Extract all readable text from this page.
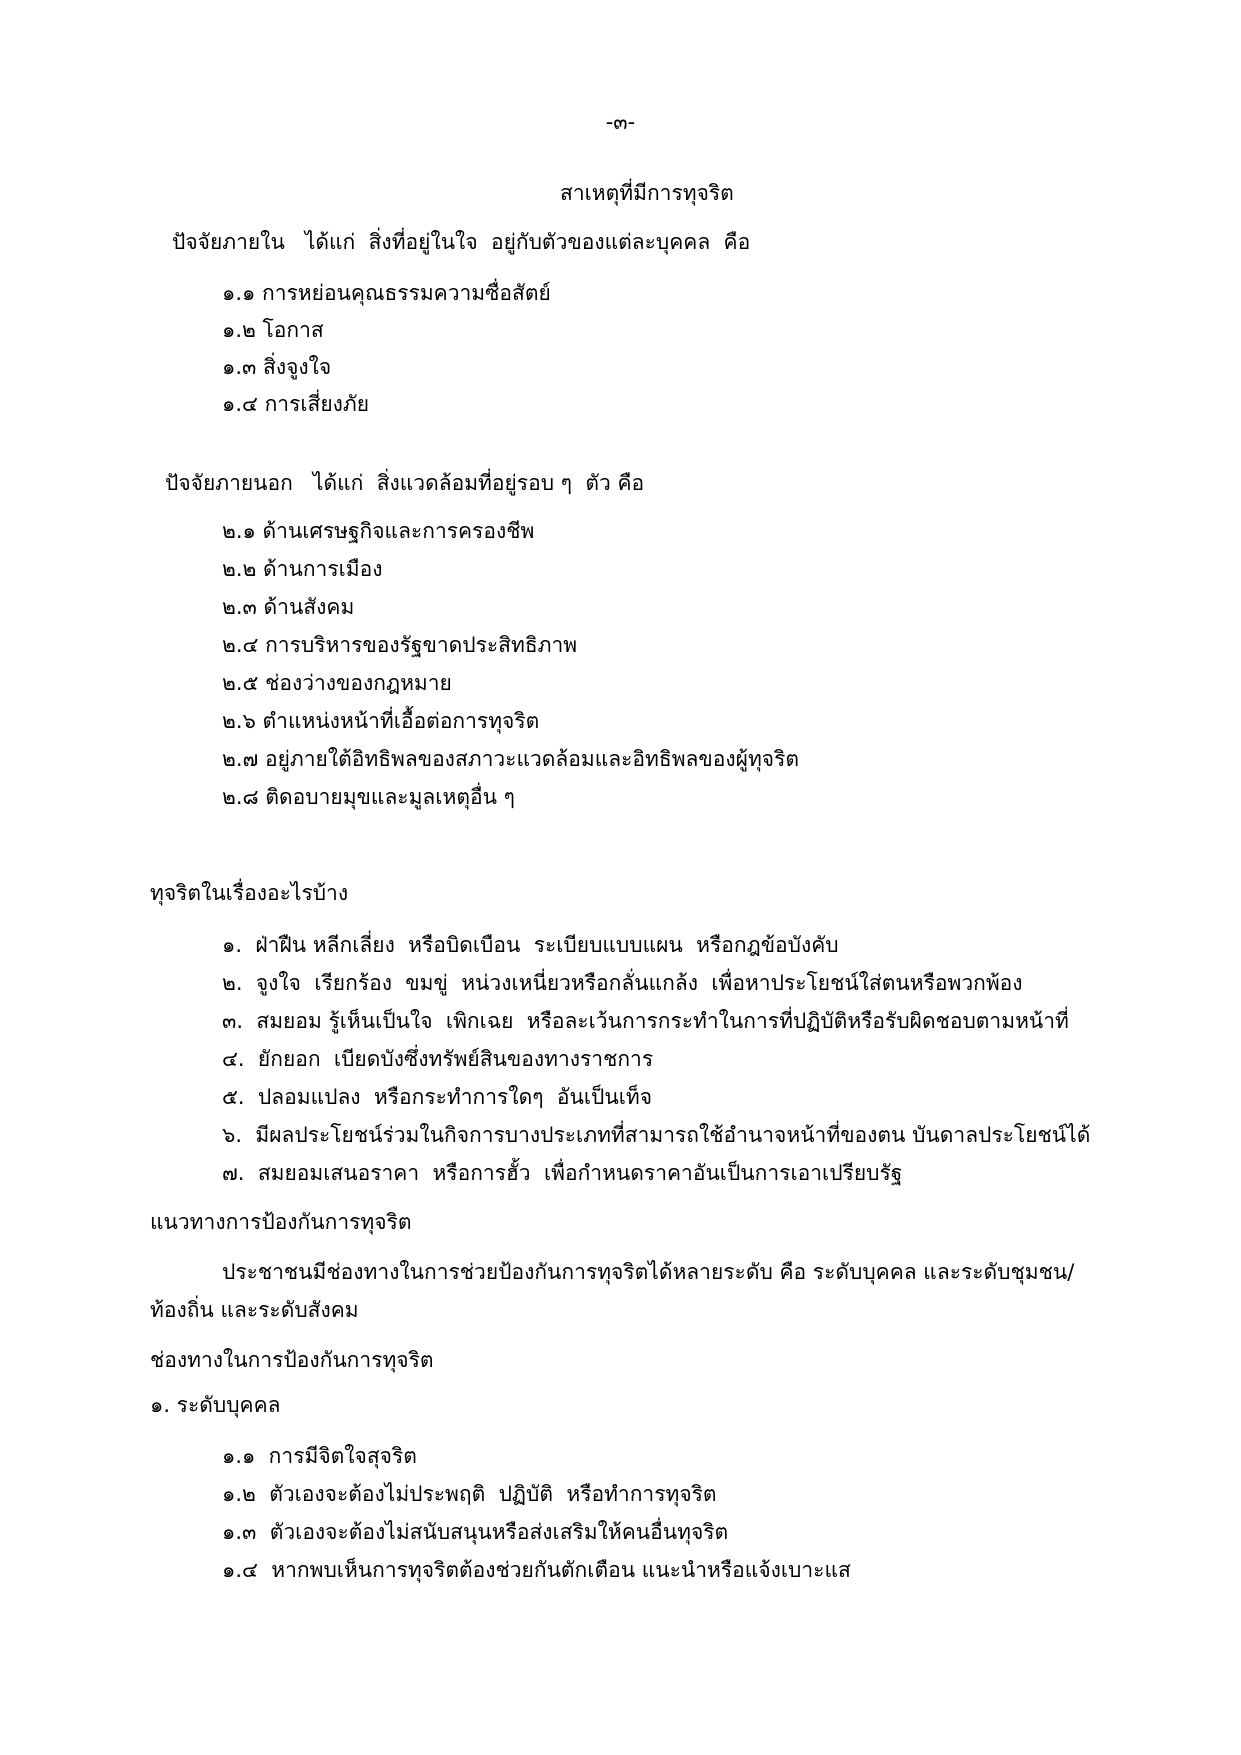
-๓-
สาเหตุที่มีการทุจริต
ปัจจัยภายใน   ได้แก่  สิ่งที่อยู่ในใจ  อยู่กับตัวของแต่ละบุคคล  คือ
๑.๑ การหย่อนคุณธรรมความซื่อสัตย์
๑.๒ โอกาส
๑.๓ สิ่งจูงใจ
๑.๔ การเสี่ยงภัย
ปัจจัยภายนอก   ได้แก่  สิ่งแวดล้อมที่อยู่รอบ ๆ  ตัว คือ
๒.๑ ด้านเศรษฐกิจและการครองชีพ
๒.๒ ด้านการเมือง
๒.๓ ด้านสังคม
๒.๔ การบริหารของรัฐขาดประสิทธิภาพ
๒.๕ ช่องว่างของกฎหมาย
๒.๖ ตำแหน่งหน้าที่เอื้อต่อการทุจริต
๒.๗ อยู่ภายใต้อิทธิพลของสภาวะแวดล้อมและอิทธิพลของผู้ทุจริต
๒.๘ ติดอบายมุขและมูลเหตุอื่น ๆ
ทุจริตในเรื่องอะไรบ้าง
๑.  ฝ่าฝืน หลีกเลี่ยง  หรือบิดเบือน  ระเบียบแบบแผน  หรือกฎข้อบังคับ
๒.  จูงใจ  เรียกร้อง  ขมขู่  หน่วงเหนี่ยวหรือกลั่นแกล้ง  เพื่อหาประโยชน์ใส่ตนหรือพวกพ้อง
๓.  สมยอม รู้เห็นเป็นใจ  เพิกเฉย  หรือละเว้นการกระทำในการที่ปฏิบัติหรือรับผิดชอบตามหน้าที่
๔.  ยักยอก  เบียดบังซึ่งทรัพย์สินของทางราชการ
๕.  ปลอมแปลง  หรือกระทำการใดๆ  อันเป็นเท็จ
๖.  มีผลประโยชน์ร่วมในกิจการบางประเภทที่สามารถใช้อำนาจหน้าที่ของตน บันดาลประโยชน์ได้
๗.  สมยอมเสนอราคา  หรือการฮั้ว  เพื่อกำหนดราคาอันเป็นการเอาเปรียบรัฐ
แนวทางการป้องกันการทุจริต
ประชาชนมีช่องทางในการช่วยป้องกันการทุจริตได้หลายระดับ คือ ระดับบุคคล และระดับชุมชน/ท้องถิ่น และระดับสังคม
ช่องทางในการป้องกันการทุจริต
๑. ระดับบุคคล
๑.๑  การมีจิตใจสุจริต
๑.๒  ตัวเองจะต้องไม่ประพฤติ  ปฏิบัติ  หรือทำการทุจริต
๑.๓  ตัวเองจะต้องไม่สนับสนุนหรือส่งเสริมให้คนอื่นทุจริต
๑.๔  หากพบเห็นการทุจริตต้องช่วยกันตักเตือน แนะนำหรือแจ้งเบาะแส
